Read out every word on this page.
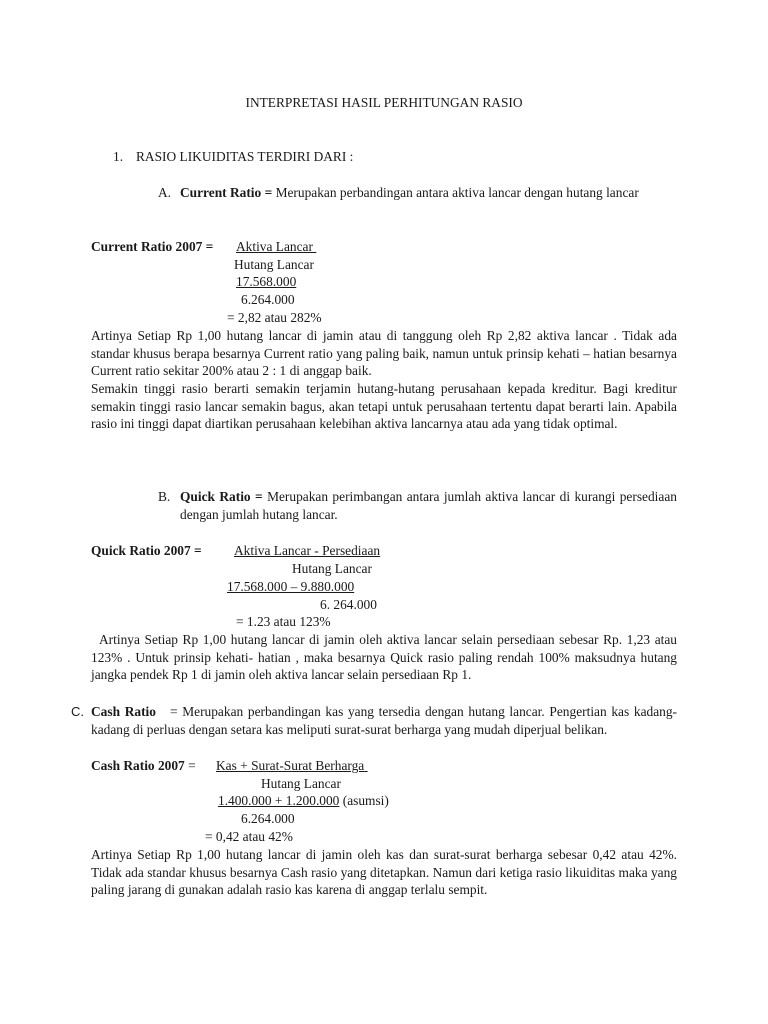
INTERPRETASI HASIL PERHITUNGAN RASIO
1. RASIO LIKUIDITAS TERDIRI DARI :
A. Current Ratio = Merupakan perbandingan antara aktiva lancar dengan hutang lancar
Current Ratio 2007 = Aktiva Lancar
Hutang Lancar
17.568.000
6.264.000
= 2,82 atau 282%
Artinya Setiap Rp 1,00 hutang lancar di jamin atau di tanggung oleh Rp 2,82 aktiva lancar . Tidak ada standar khusus berapa besarnya Current ratio yang paling baik, namun untuk prinsip kehati – hatian besarnya Current ratio sekitar 200% atau 2 : 1 di anggap baik.
Semakin tinggi rasio berarti semakin terjamin hutang-hutang perusahaan kepada kreditur. Bagi kreditur semakin tinggi rasio lancar semakin bagus, akan tetapi untuk perusahaan tertentu dapat berarti lain. Apabila rasio ini tinggi dapat diartikan perusahaan kelebihan aktiva lancarnya atau ada yang tidak optimal.
B. Quick Ratio = Merupakan perimbangan antara jumlah aktiva lancar di kurangi persediaan dengan jumlah hutang lancar.
Quick Ratio 2007 = Aktiva Lancar - Persediaan
Hutang Lancar
17.568.000 – 9.880.000
6. 264.000
= 1.23 atau 123%
Artinya Setiap Rp 1,00 hutang lancar di jamin oleh aktiva lancar selain persediaan sebesar Rp. 1,23 atau 123% . Untuk prinsip kehati- hatian , maka besarnya Quick rasio paling rendah 100% maksudnya hutang jangka pendek Rp 1 di jamin oleh aktiva lancar selain persediaan Rp 1.
C. Cash Ratio = Merupakan perbandingan kas yang tersedia dengan hutang lancar. Pengertian kas kadang-kadang di perluas dengan setara kas meliputi surat-surat berharga yang mudah diperjual belikan.
Cash Ratio 2007 = Kas + Surat-Surat Berharga
Hutang Lancar
1.400.000 + 1.200.000 (asumsi)
6.264.000
= 0,42 atau 42%
Artinya Setiap Rp 1,00 hutang lancar di jamin oleh kas dan surat-surat berharga sebesar 0,42 atau 42%. Tidak ada standar khusus besarnya Cash rasio yang ditetapkan. Namun dari ketiga rasio likuiditas maka yang paling jarang di gunakan adalah rasio kas karena di anggap terlalu sempit.
